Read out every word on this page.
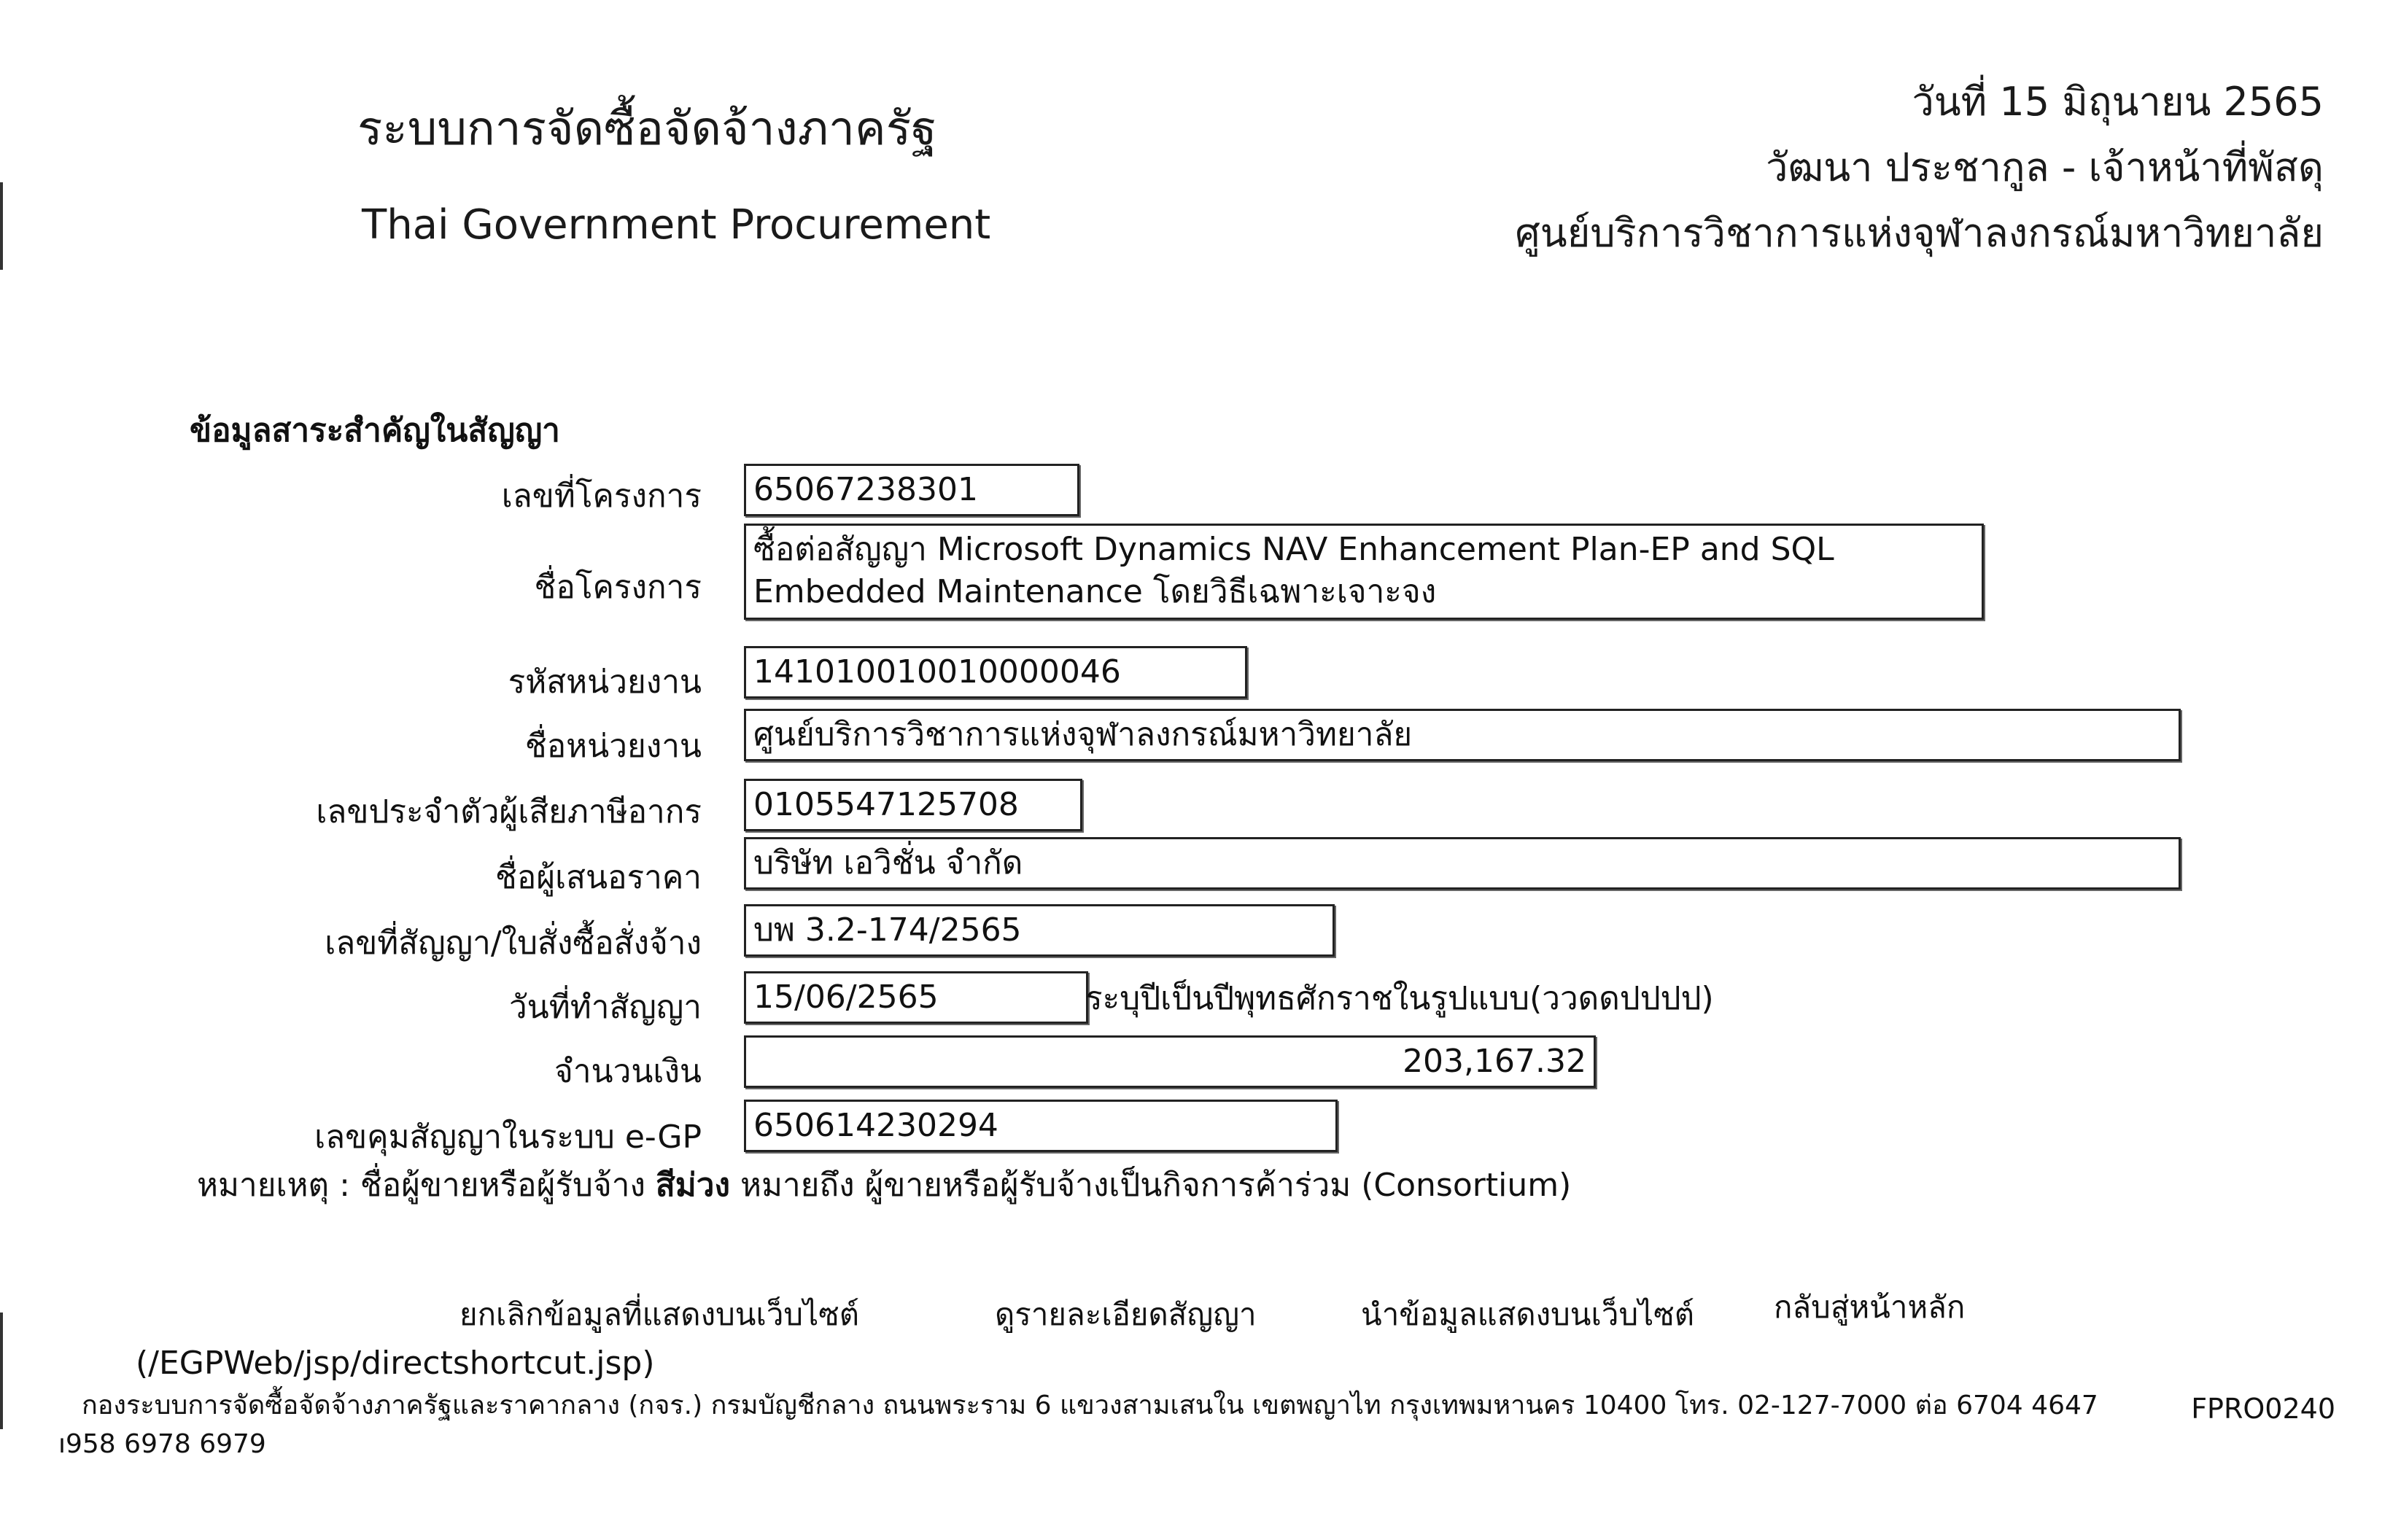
ระบบการจัดซื้อจัดจ้างภาครัฐ
Thai Government Procurement
วันที่ 15 มิถุนายน 2565
วัฒนา ประชากูล - เจ้าหน้าที่พัสดุ
ศูนย์บริการวิชาการแห่งจุฬาลงกรณ์มหาวิทยาลัย
ข้อมูลสาระสำคัญในสัญญา
เลขที่โครงการ 65067238301
ชื่อโครงการ
ซื้อต่อสัญญา Microsoft Dynamics NAV Enhancement Plan-EP and SQL Embedded Maintenance โดยวิธีเฉพาะเจาะจง
รหัสหน่วยงาน 141010010010000046
ชื่อหน่วยงาน ศูนย์บริการวิชาการแห่งจุฬาลงกรณ์มหาวิทยาลัย
เลขประจำตัวผู้เสียภาษีอากร 0105547125708
ชื่อผู้เสนอราคา บริษัท เอวิชั่น จำกัด
เลขที่สัญญา/ใบสั่งซื้อสั่งจ้าง บพ 3.2-174/2565
วันที่ทำสัญญา 15/06/2565	ระบุปีเป็นปีพุทธศักราชในรูปแบบ(ววดดปปปป)
จำนวนเงิน	203,167.32
เลขคุมสัญญาในระบบ e-GP 650614230294
หมายเหตุ : ชื่อผู้ขายหรือผู้รับจ้าง สีม่วง หมายถึง ผู้ขายหรือผู้รับจ้างเป็นกิจการค้าร่วม (Consortium)
ยกเลิกข้อมูลที่แสดงบนเว็บไซต์	ดูรายละเอียดสัญญา	นำข้อมูลแสดงบนเว็บไซต์	กลับสู่หน้าหลัก
(/EGPWeb/jsp/directshortcut.jsp)
กองระบบการจัดซื้อจัดจ้างภาครัฐและราคากลาง (กจร.) กรมบัญชีกลาง ถนนพระราม 6 แขวงสามเสนใน เขตพญาไท กรุงเทพมหานคร 10400 โทร. 02-127-7000 ต่อ 6704 4647	FPRO0240
ı958 6978 6979
